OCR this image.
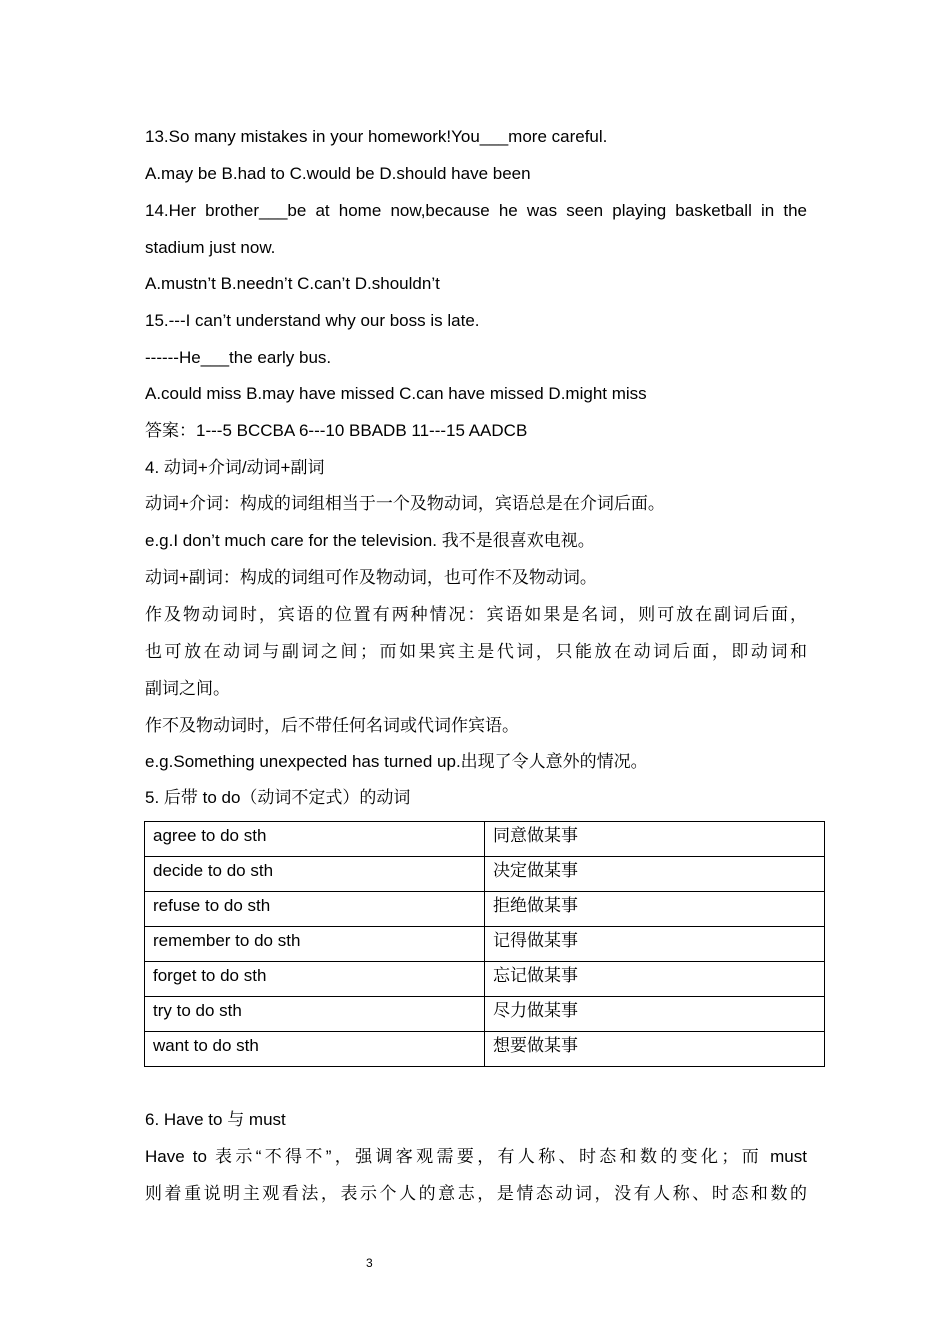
13.So many mistakes in your homework!You___more careful.
A.may be B.had to C.would be D.should have been
14.Her brother___be at home now,because he was seen playing basketball in the
stadium just now.
A.mustn’t B.needn’t C.can’t D.shouldn’t
15.---I can’t understand why our boss is late.
------He___the early bus.
A.could miss B.may have missed C.can have missed D.might miss
答案：1---5 BCCBA 6---10 BBADB 11---15 AADCB
4. 动词+介词/动词+副词
动词+介词：构成的词组相当于一个及物动词，宾语总是在介词后面。
e.g.I don’t much care for the television. 我不是很喜欢电视。
动词+副词：构成的词组可作及物动词，也可作不及物动词。
作及物动词时，宾语的位置有两种情况：宾语如果是名词，则可放在副词后面，
也可放在动词与副词之间；而如果宾主是代词，只能放在动词后面，即动词和
副词之间。
作不及物动词时，后不带任何名词或代词作宾语。
e.g.Something unexpected has turned up.出现了令人意外的情况。
5. 后带 to do（动词不定式）的动词
agree to do sth	同意做某事
decide to do sth	决定做某事
refuse to do sth	拒绝做某事
remember to do sth	记得做某事
forget to do sth	忘记做某事
try to do sth	尽力做某事
want to do sth	想要做某事
6. Have to 与 must
Have to 表示“不得不”，强调客观需要，有人称、时态和数的变化；而 must
则着重说明主观看法，表示个人的意志，是情态动词，没有人称、时态和数的
3
